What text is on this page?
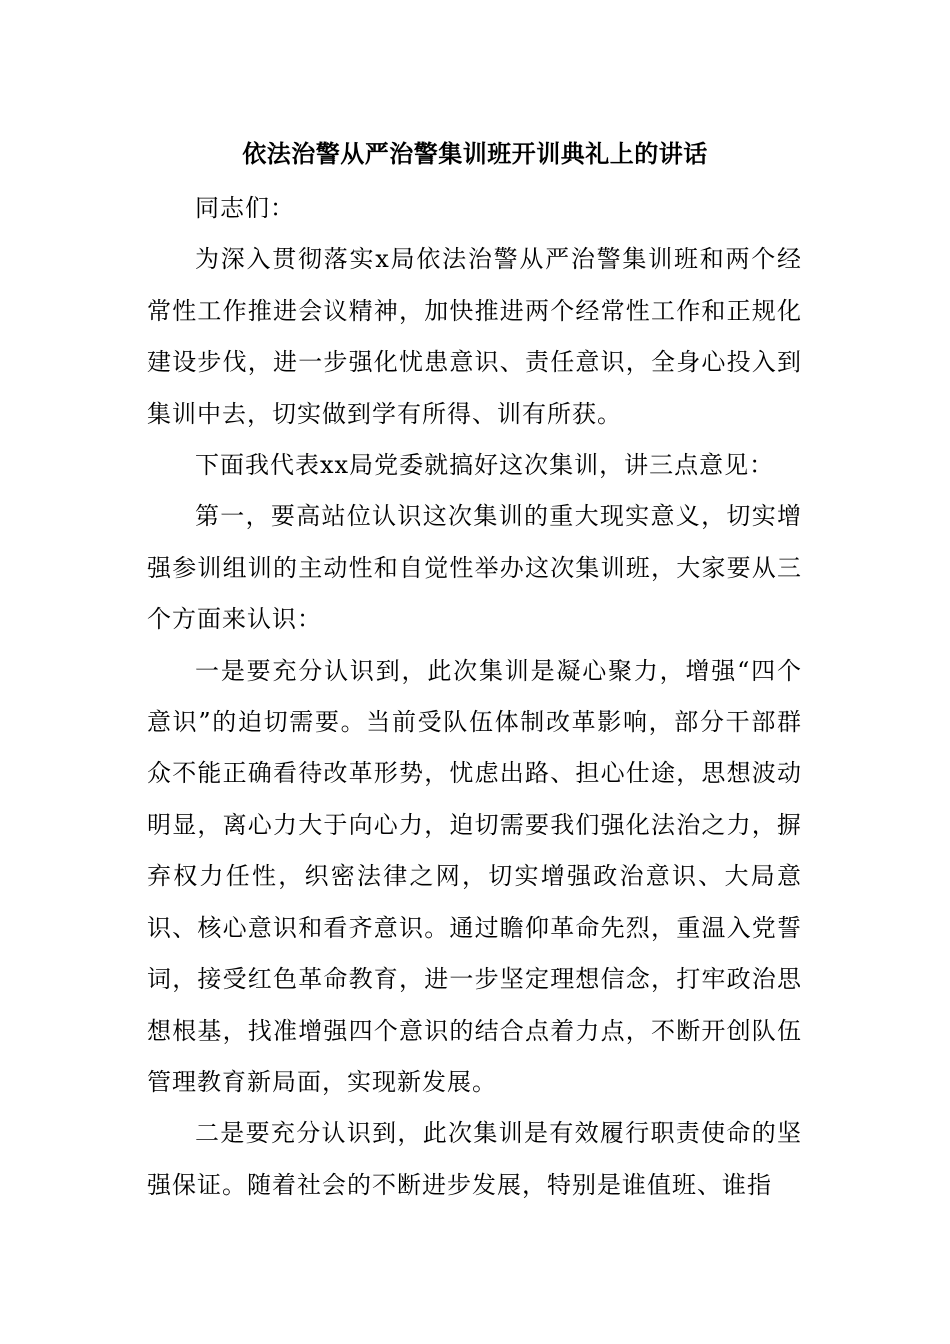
依法治警从严治警集训班开训典礼上的讲话

同志们：

为深入贯彻落实x局依法治警从严治警集训班和两个经常性工作推进会议精神，加快推进两个经常性工作和正规化建设步伐，进一步强化忧患意识、责任意识，全身心投入到集训中去，切实做到学有所得、训有所获。

下面我代表xx局党委就搞好这次集训，讲三点意见：

第一，要高站位认识这次集训的重大现实意义，切实增强参训组训的主动性和自觉性举办这次集训班，大家要从三个方面来认识：

一是要充分认识到，此次集训是凝心聚力，增强“四个意识”的迫切需要。当前受队伍体制改革影响，部分干部群众不能正确看待改革形势，忧虑出路、担心仕途，思想波动明显，离心力大于向心力，迫切需要我们强化法治之力，摒弃权力任性，织密法律之网，切实增强政治意识、大局意识、核心意识和看齐意识。通过瞻仰革命先烈，重温入党誓词，接受红色革命教育，进一步坚定理想信念，打牢政治思想根基，找准增强四个意识的结合点着力点，不断开创队伍管理教育新局面，实现新发展。

二是要充分认识到，此次集训是有效履行职责使命的坚强保证。随着社会的不断进步发展，特别是谁值班、谁指
